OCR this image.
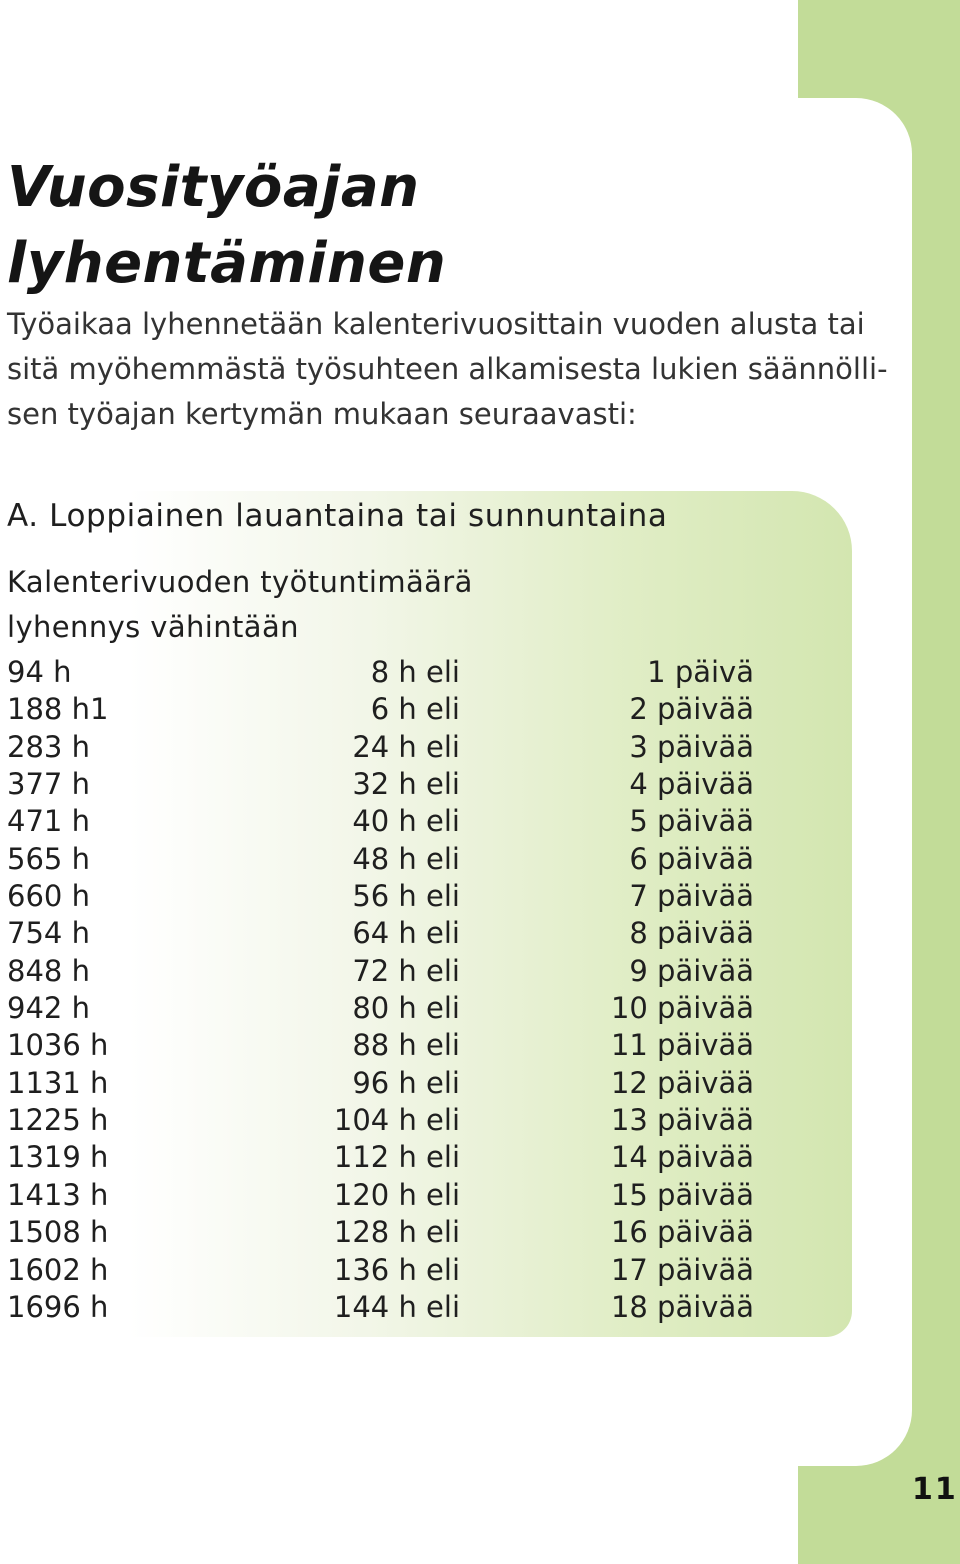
Vuosityöajan
lyhentäminen

Työaikaa lyhennetään kalenterivuosittain vuoden alusta tai
sitä myöhemmästä työsuhteen alkamisesta lukien säännölli-
sen työajan kertymän mukaan seuraavasti:

A. Loppiainen lauantaina tai sunnuntaina
Kalenterivuoden työtuntimäärä
lyhennys vähintään
94 h	8 h eli	1 päivä
188 h1	6 h eli	2 päivää
283 h	24 h eli	3 päivää
377 h	32 h eli	4 päivää
471 h	40 h eli	5 päivää
565 h	48 h eli	6 päivää
660 h	56 h eli	7 päivää
754 h	64 h eli	8 päivää
848 h	72 h eli	9 päivää
942 h	80 h eli	10 päivää
1036 h	88 h eli	11 päivää
1131 h	96 h eli	12 päivää
1225 h	104 h eli	13 päivää
1319 h	112 h eli	14 päivää
1413 h	120 h eli	15 päivää
1508 h	128 h eli	16 päivää
1602 h	136 h eli	17 päivää
1696 h	144 h eli	18 päivää
11
